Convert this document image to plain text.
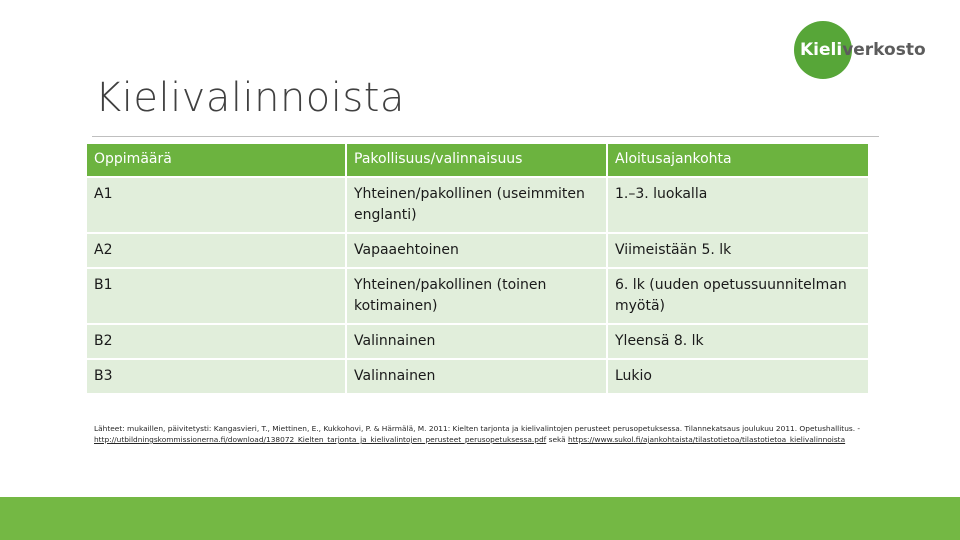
Kieliverkosto
Kielivalinnoista
Oppimäärä	Pakollisuus/valinnaisuus	Aloitusajankohta
A1	Yhteinen/pakollinen (useimmiten englanti)	1.–3. luokalla
A2	Vapaaehtoinen	Viimeistään 5. lk
B1	Yhteinen/pakollinen (toinen kotimainen)	6. lk (uuden opetussuunnitelman myötä)
B2	Valinnainen	Yleensä 8. lk
B3	Valinnainen	Lukio
Lähteet: mukaillen, päivitetysti: Kangasvieri, T., Miettinen, E., Kukkohovi, P. & Härmälä, M. 2011: Kielten tarjonta ja kielivalintojen perusteet perusopetuksessa. Tilannekatsaus joulukuu 2011. Opetushallitus. -http://utbildningskommissionerna.fi/download/138072_Kielten_tarjonta_ja_kielivalintojen_perusteet_perusopetuksessa.pdf sekä https://www.sukol.fi/ajankohtaista/tilastotietoa/tilastotietoa_kielivalinnoista
